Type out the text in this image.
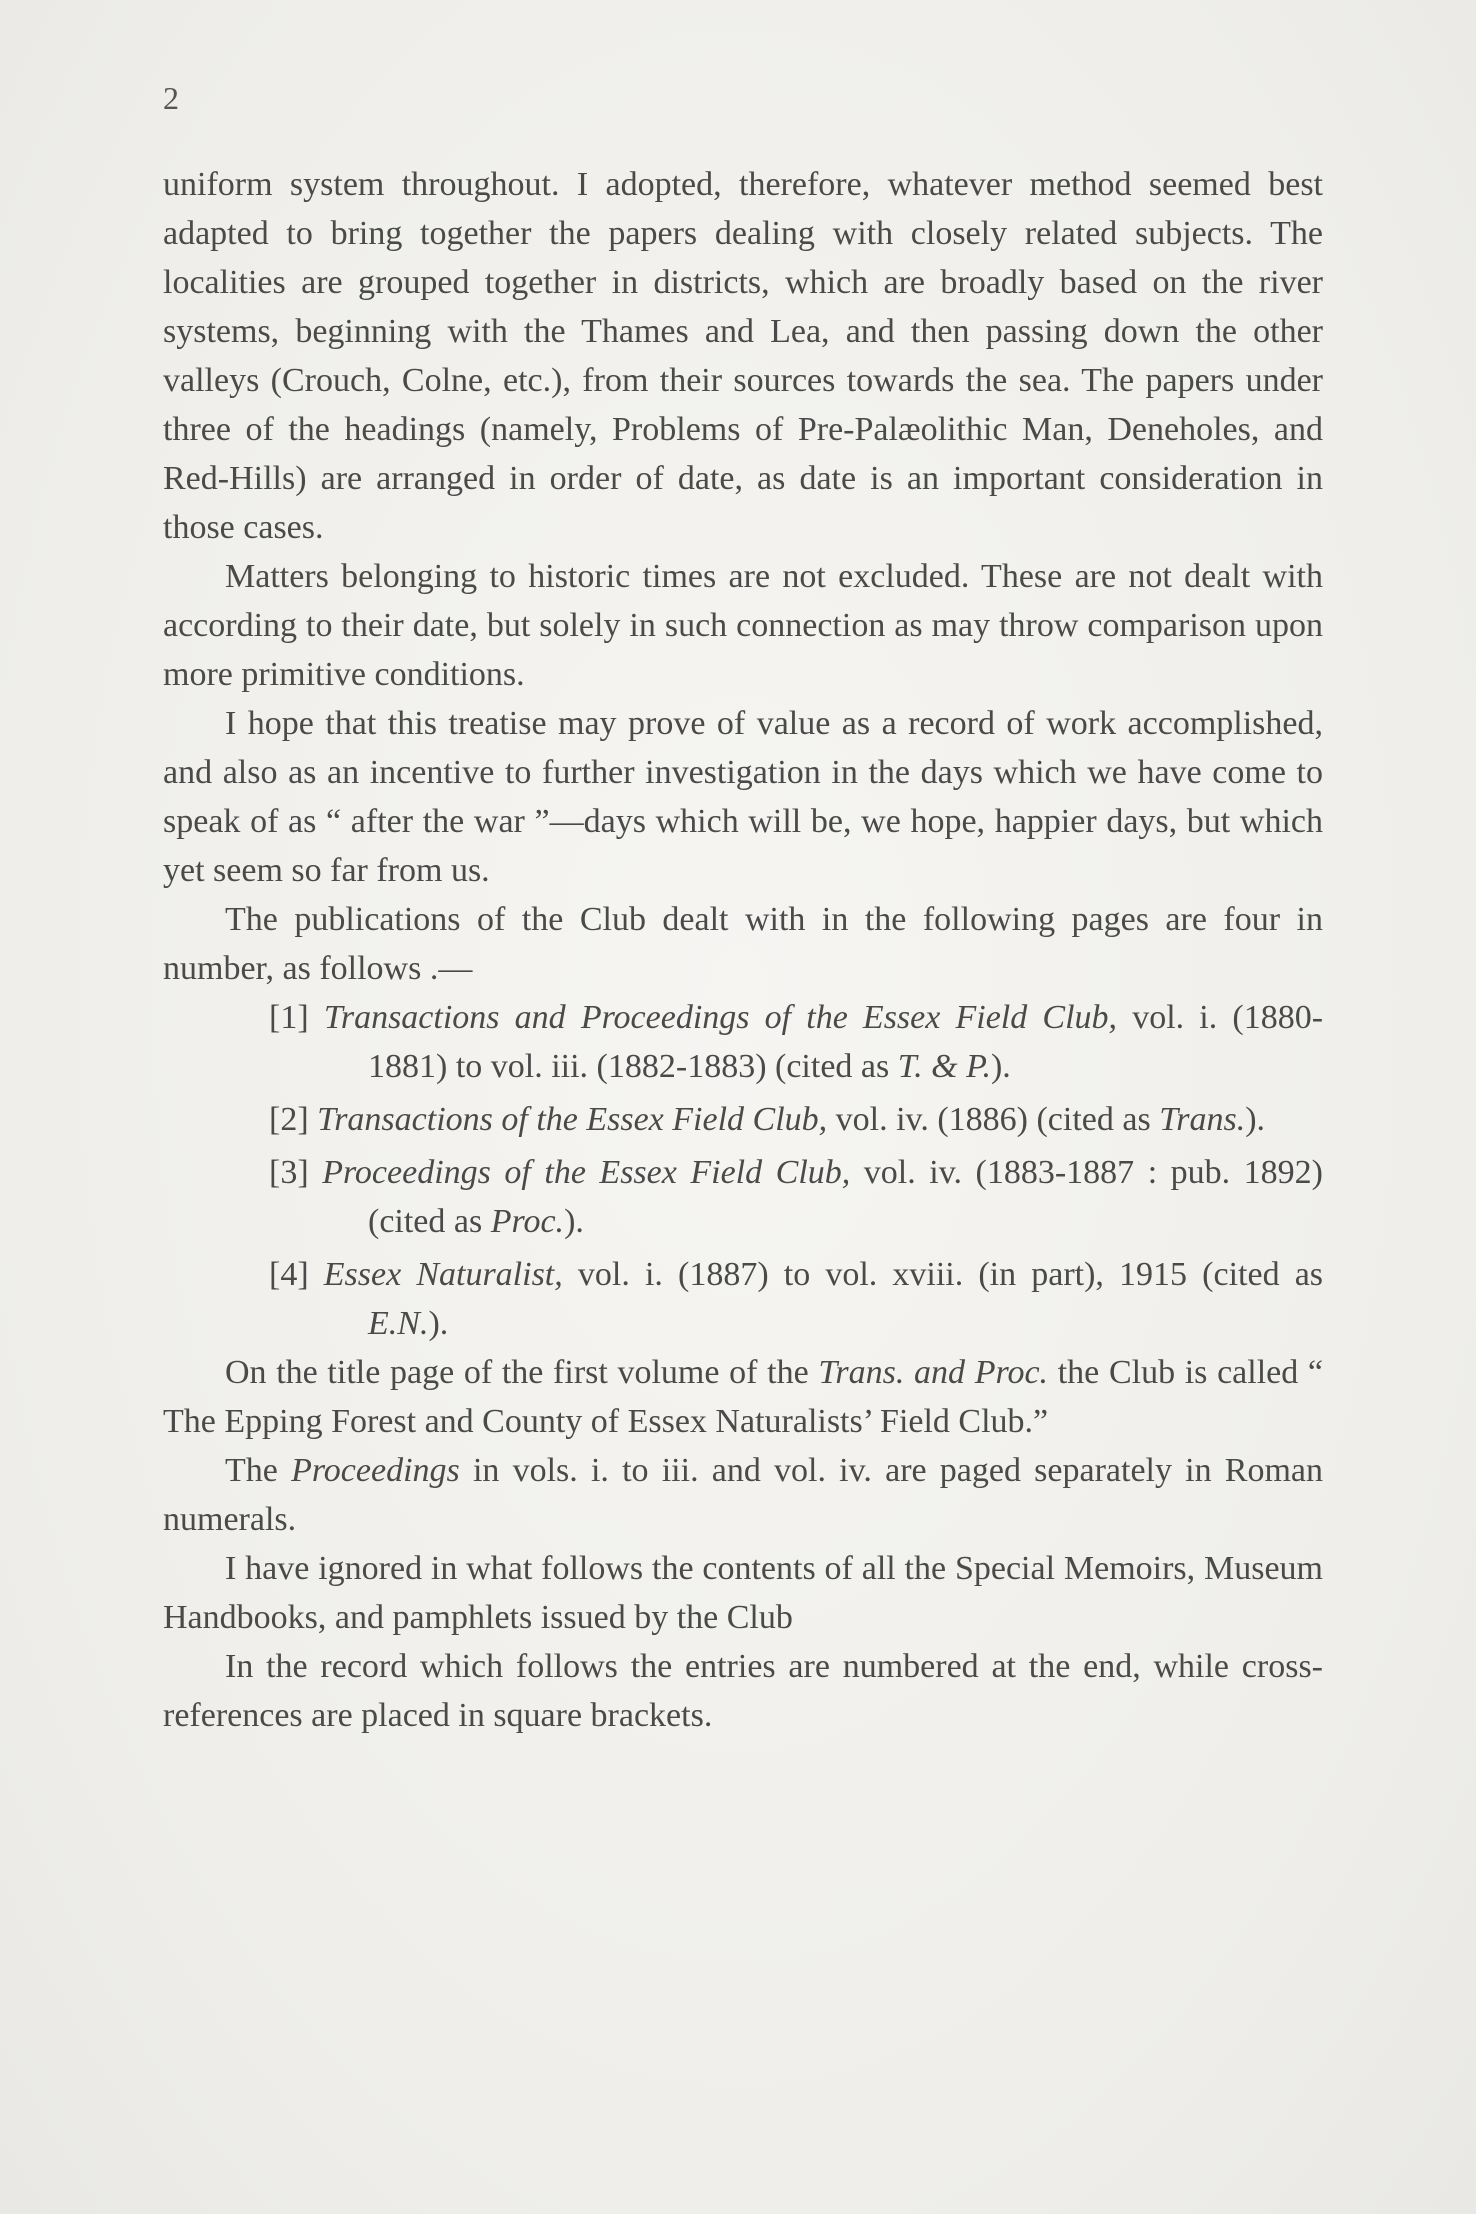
2

uniform system throughout. I adopted, therefore, whatever method seemed best adapted to bring together the papers dealing with closely related subjects. The localities are grouped together in districts, which are broadly based on the river systems, beginning with the Thames and Lea, and then passing down the other valleys (Crouch, Colne, etc.), from their sources towards the sea. The papers under three of the headings (namely, Problems of Pre-Palæolithic Man, Deneholes, and Red-Hills) are arranged in order of date, as date is an important consideration in those cases.

Matters belonging to historic times are not excluded. These are not dealt with according to their date, but solely in such connection as may throw comparison upon more primitive conditions.

I hope that this treatise may prove of value as a record of work accomplished, and also as an incentive to further investigation in the days which we have come to speak of as “ after the war ”—days which will be, we hope, happier days, but which yet seem so far from us.

The publications of the Club dealt with in the following pages are four in number, as follows .—

[1] Transactions and Proceedings of the Essex Field Club, vol. i. (1880-1881) to vol. iii. (1882-1883) (cited as T. & P.).

[2] Transactions of the Essex Field Club, vol. iv. (1886) (cited as Trans.).

[3] Proceedings of the Essex Field Club, vol. iv. (1883-1887 : pub. 1892) (cited as Proc.).

[4] Essex Naturalist, vol. i. (1887) to vol. xviii. (in part), 1915 (cited as E.N.).

On the title page of the first volume of the Trans. and Proc. the Club is called “ The Epping Forest and County of Essex Naturalists’ Field Club.”

The Proceedings in vols. i. to iii. and vol. iv. are paged separately in Roman numerals.

I have ignored in what follows the contents of all the Special Memoirs, Museum Handbooks, and pamphlets issued by the Club

In the record which follows the entries are numbered at the end, while cross-references are placed in square brackets.
